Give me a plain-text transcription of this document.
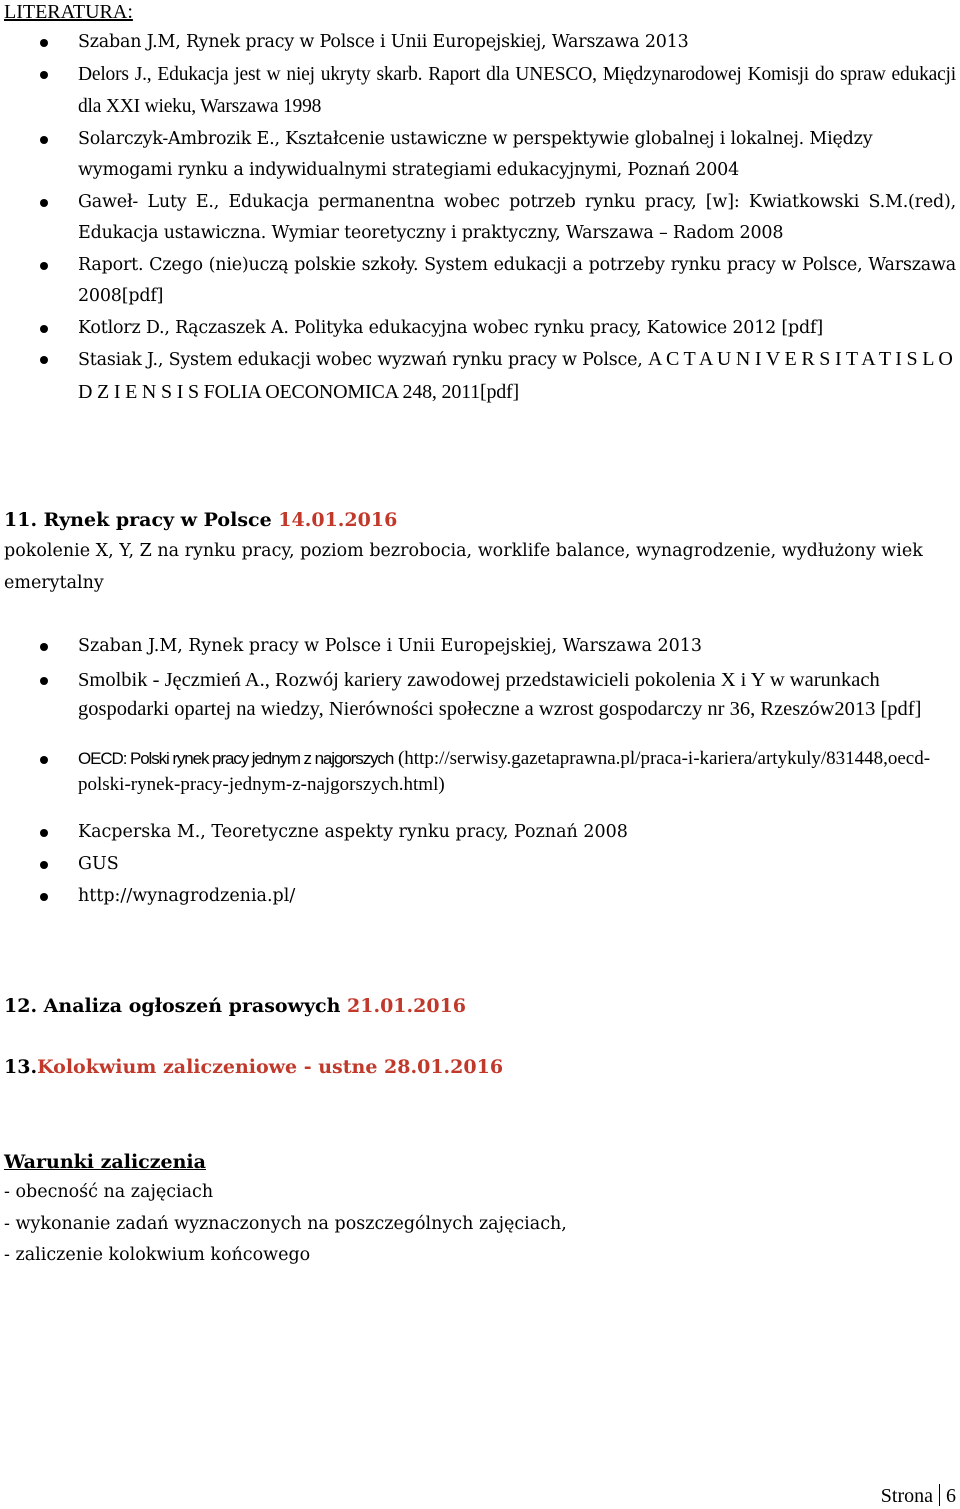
LITERATURA:
Szaban J.M, Rynek pracy w Polsce i Unii Europejskiej, Warszawa 2013
Delors J., Edukacja jest w niej ukryty skarb. Raport dla UNESCO, Międzynarodowej Komisji do spraw edukacji dla XXI wieku, Warszawa 1998
Solarczyk-Ambrozik E., Kształcenie ustawiczne w perspektywie globalnej i lokalnej. Między wymogami rynku a indywidualnymi strategiami edukacyjnymi, Poznań 2004
Gaweł- Luty E., Edukacja permanentna wobec potrzeb rynku pracy, [w]: Kwiatkowski S.M.(red), Edukacja ustawiczna. Wymiar teoretyczny i praktyczny, Warszawa – Radom 2008
Raport. Czego (nie)uczą polskie szkoły. System edukacji a potrzeby rynku pracy w Polsce, Warszawa 2008[pdf]
Kotlorz D., Rączaszek A. Polityka edukacyjna wobec rynku pracy, Katowice 2012 [pdf]
Stasiak J., System edukacji wobec wyzwań rynku pracy w Polsce, A C T A U N I V E R S I T A T I S L O D Z I E N S I S FOLIA OECONOMICA 248, 2011[pdf]
11. Rynek pracy w Polsce 14.01.2016
pokolenie X, Y, Z na rynku pracy, poziom bezrobocia, worklife balance, wynagrodzenie, wydłużony wiek emerytalny
Szaban J.M, Rynek pracy w Polsce i Unii Europejskiej, Warszawa 2013
Smolbik - Jęczmień A., Rozwój kariery zawodowej przedstawicieli pokolenia X i Y w warunkach gospodarki opartej na wiedzy, Nierówności społeczne a wzrost gospodarczy nr 36, Rzeszów2013 [pdf]
OECD: Polski rynek pracy jednym z najgorszych (http://serwisy.gazetaprawna.pl/praca-i-kariera/artykuly/831448,oecd-polski-rynek-pracy-jednym-z-najgorszych.html)
Kacperska M., Teoretyczne aspekty rynku pracy, Poznań 2008
GUS
http://wynagrodzenia.pl/
12. Analiza ogłoszeń prasowych 21.01.2016
13.Kolokwium zaliczeniowe - ustne 28.01.2016
Warunki zaliczenia
- obecność na zajęciach
- wykonanie zadań wyznaczonych na poszczególnych zajęciach,
- zaliczenie kolokwium końcowego
Strona 6
